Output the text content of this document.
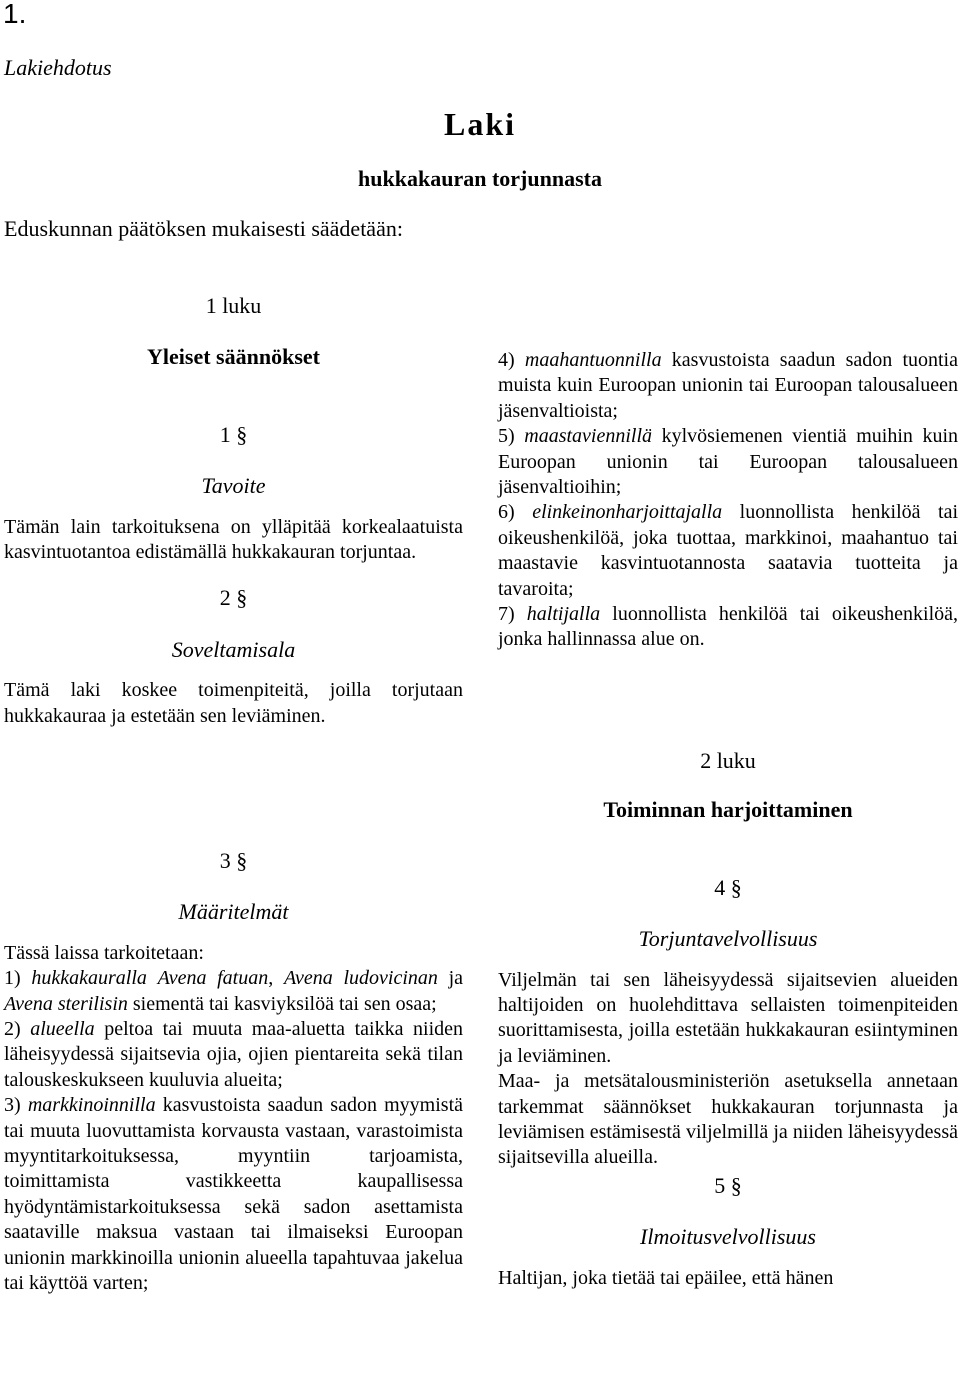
1.
Lakiehdotus
Laki
hukkakauran torjunnasta
Eduskunnan päätöksen mukaisesti säädetään:
1 luku
Yleiset säännökset
1 §
Tavoite

Tämän lain tarkoituksena on ylläpitää korkealaatuista kasvintuotantoa edistämällä hukkakauran torjuntaa.

2 §
Soveltamisala

Tämä laki koskee toimenpiteitä, joilla torjutaan hukkakauraa ja estetään sen leviäminen.

3 §
Määritelmät

Tässä laissa tarkoitetaan:

1) hukkakauralla Avena fatuan, Avena ludovicinan ja Avena sterilisin siementä tai kasviyksilöä tai sen osaa;

2) alueella peltoa tai muuta maa-aluetta taikka niiden läheisyydessä sijaitsevia ojia, ojien pientareita sekä tilan talouskeskukseen kuuluvia alueita;

3) markkinoinnilla kasvustoista saadun sadon myymistä tai muuta luovuttamista korvausta vastaan, varastoimista myyntitarkoituksessa, myyntiin tarjoamista, toimittamista vastikkeetta kaupallisessa hyödyntämistarkoituksessa sekä sadon asettamista saataville maksua vastaan tai ilmaiseksi Euroopan unionin markkinoilla unionin alueella tapahtuvaa jakelua tai käyttöä varten;

4) maahantuonnilla kasvustoista saadun sadon tuontia muista kuin Euroopan unionin tai Euroopan talousalueen jäsenvaltioista;

5) maastaviennillä kylvösiemenen vientiä muihin kuin Euroopan unionin tai Euroopan talousalueen jäsenvaltioihin;

6) elinkeinonharjoittajalla luonnollista henkilöä tai oikeushenkilöä, joka tuottaa, markkinoi, maahantuo tai maastavie kasvintuotannosta saatavia tuotteita ja tavaroita;

7) haltijalla luonnollista henkilöä tai oikeushenkilöä, jonka hallinnassa alue on.

2 luku
Toiminnan harjoittaminen
4 §
Torjuntavelvollisuus

Viljelmän tai sen läheisyydessä sijaitsevien alueiden haltijoiden on huolehdittava sellaisten toimenpiteiden suorittamisesta, joilla estetään hukkakauran esiintyminen ja leviäminen.

Maa- ja metsätalousministeriön asetuksella annetaan tarkemmat säännökset hukkakauran torjunnasta ja leviämisen estämisestä viljelmillä ja niiden läheisyydessä sijaitsevilla alueilla.

5 §
Ilmoitusvelvollisuus

Haltijan, joka tietää tai epäilee, että hänen
